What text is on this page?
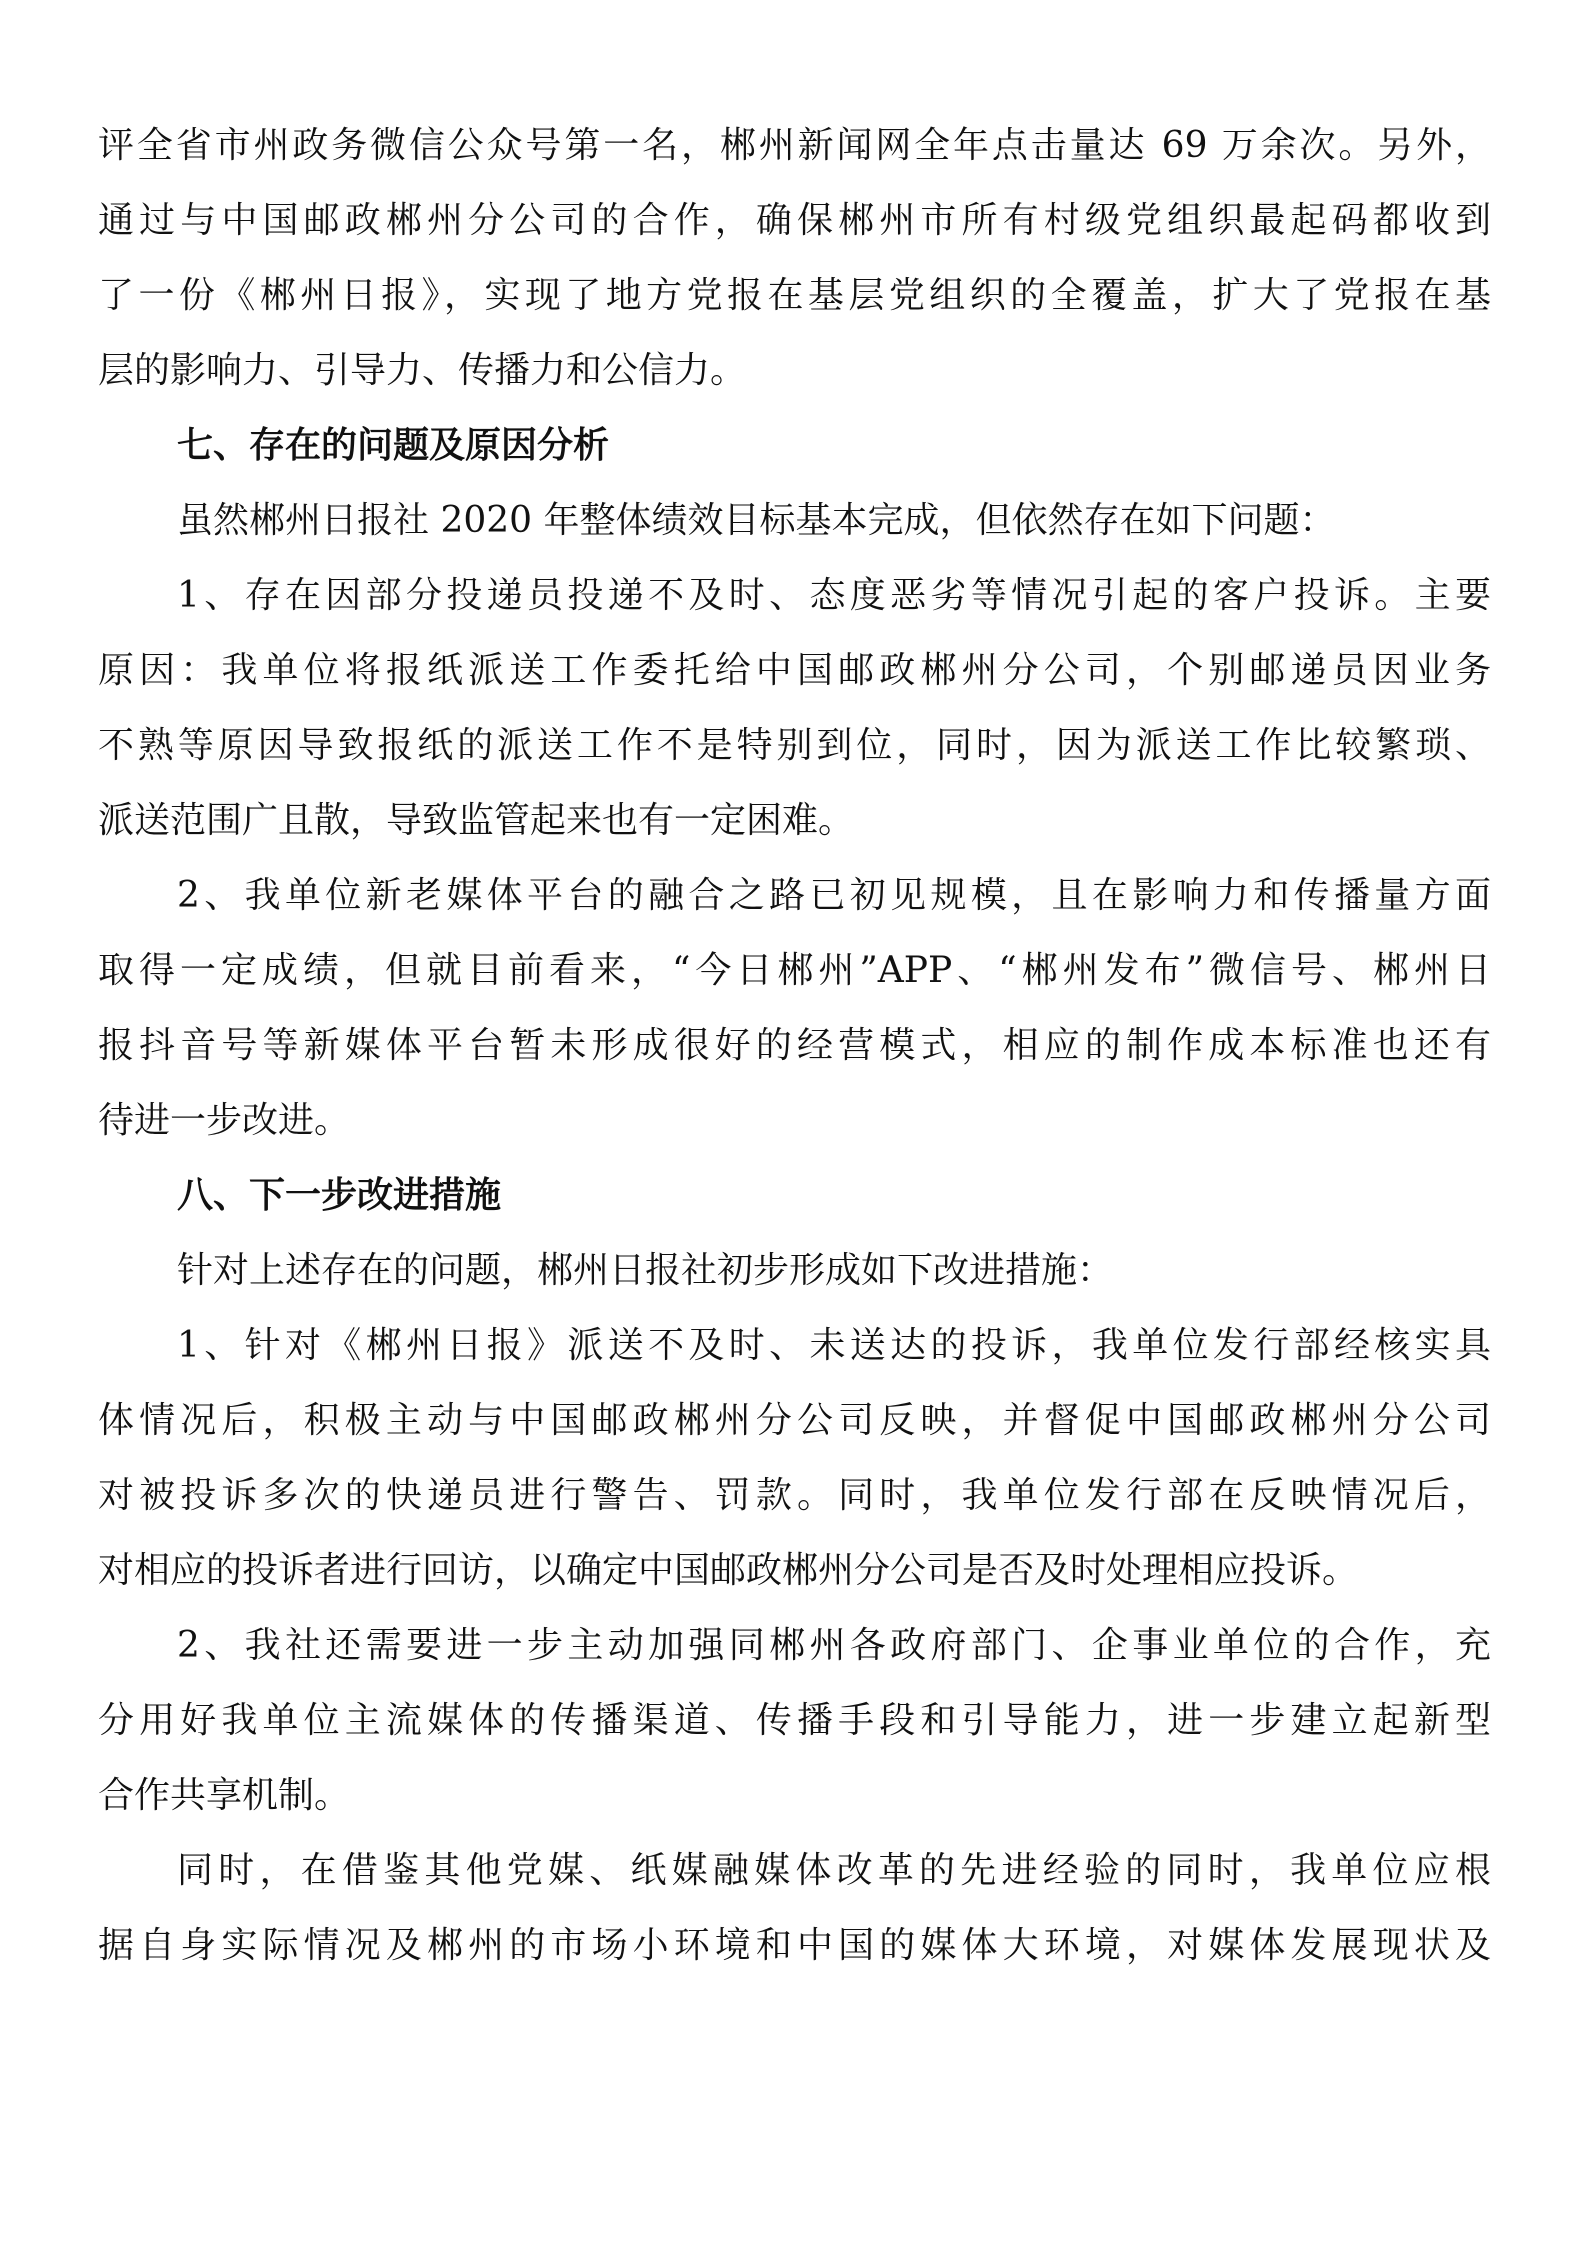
评全省市州政务微信公众号第一名，郴州新闻网全年点击量达 69 万余次。另外，
通过与中国邮政郴州分公司的合作，确保郴州市所有村级党组织最起码都收到
了一份《郴州日报》，实现了地方党报在基层党组织的全覆盖，扩大了党报在基
层的影响力、引导力、传播力和公信力。
七、存在的问题及原因分析
虽然郴州日报社 2020 年整体绩效目标基本完成，但依然存在如下问题：
1、存在因部分投递员投递不及时、态度恶劣等情况引起的客户投诉。主要
原因：我单位将报纸派送工作委托给中国邮政郴州分公司，个别邮递员因业务
不熟等原因导致报纸的派送工作不是特别到位，同时，因为派送工作比较繁琐、
派送范围广且散，导致监管起来也有一定困难。
2、我单位新老媒体平台的融合之路已初见规模，且在影响力和传播量方面
取得一定成绩，但就目前看来，“今日郴州”APP、“郴州发布”微信号、郴州日
报抖音号等新媒体平台暂未形成很好的经营模式，相应的制作成本标准也还有
待进一步改进。
八、下一步改进措施
针对上述存在的问题，郴州日报社初步形成如下改进措施：
1、针对《郴州日报》派送不及时、未送达的投诉，我单位发行部经核实具
体情况后，积极主动与中国邮政郴州分公司反映，并督促中国邮政郴州分公司
对被投诉多次的快递员进行警告、罚款。同时，我单位发行部在反映情况后，
对相应的投诉者进行回访，以确定中国邮政郴州分公司是否及时处理相应投诉。
2、我社还需要进一步主动加强同郴州各政府部门、企事业单位的合作，充
分用好我单位主流媒体的传播渠道、传播手段和引导能力，进一步建立起新型
合作共享机制。
同时，在借鉴其他党媒、纸媒融媒体改革的先进经验的同时，我单位应根
据自身实际情况及郴州的市场小环境和中国的媒体大环境，对媒体发展现状及
